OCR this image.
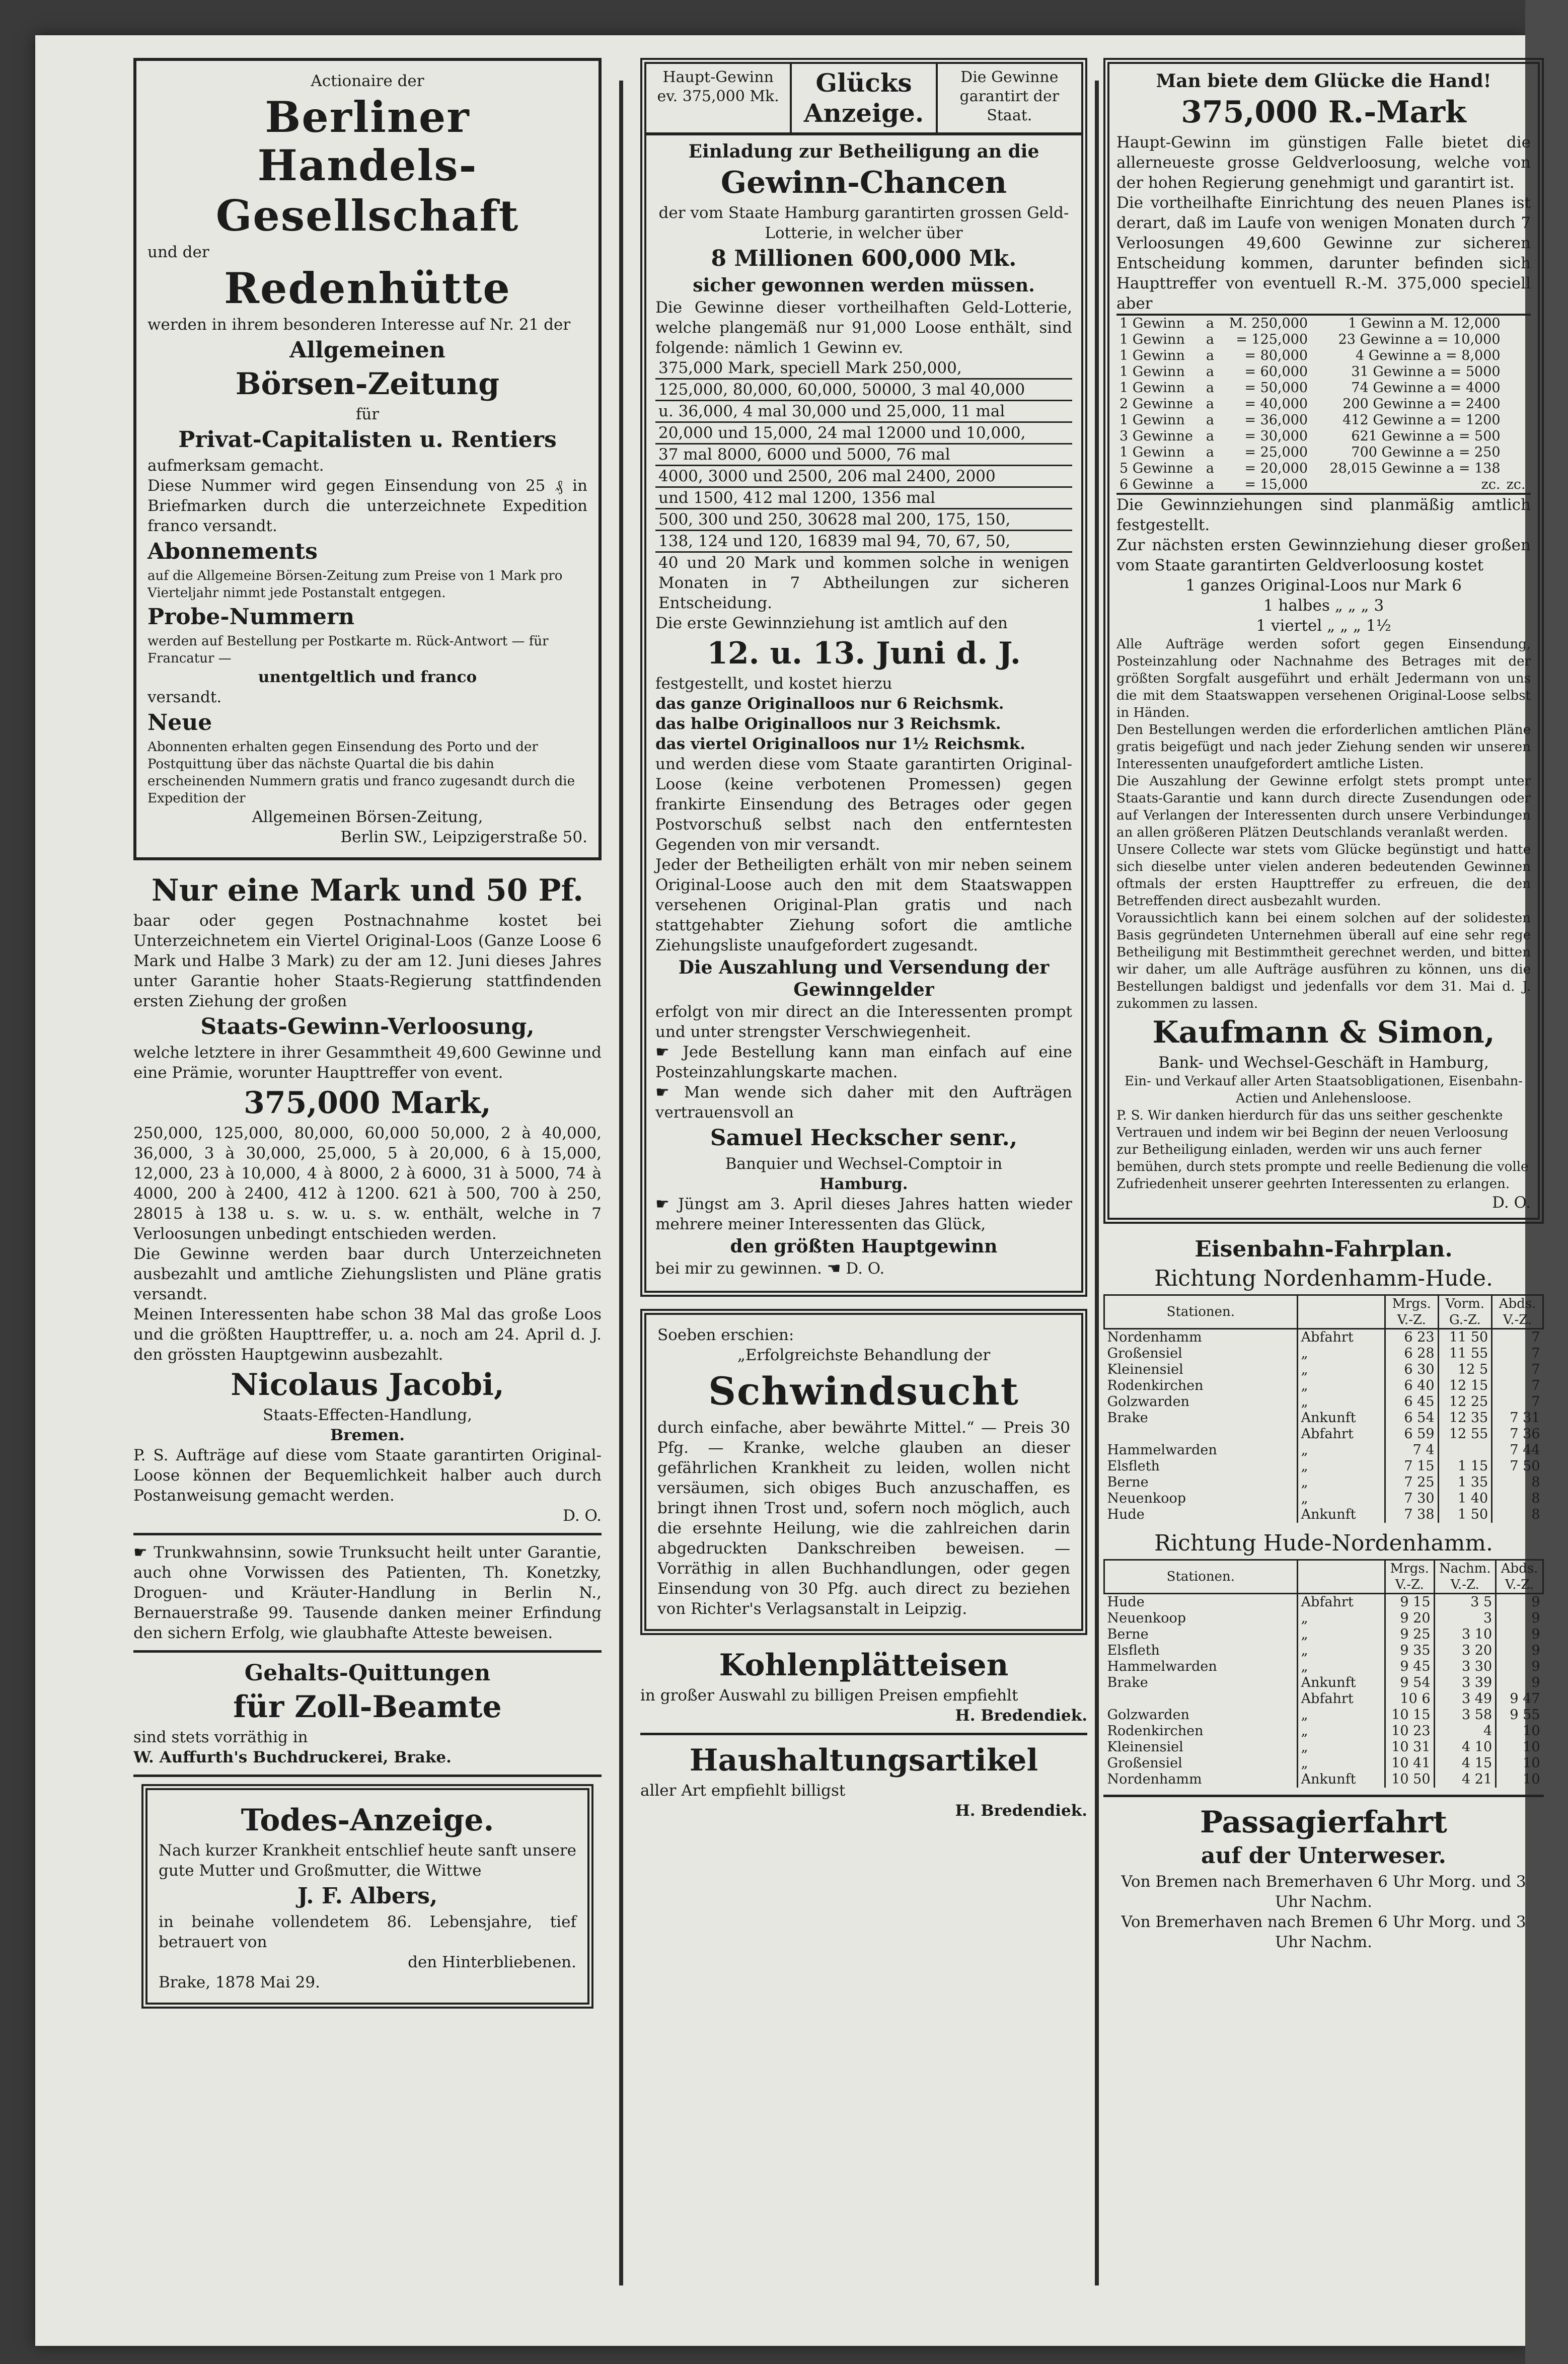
Actionaire der

Berliner Handels-
Gesellschaft

und der

Redenhütte

werden in ihrem besonderen Interesse auf Nr. 21 der

Allgemeinen
Börsen-Zeitung

für

Privat-Capitalisten u. Rentiers

aufmerksam gemacht.

Diese Nummer wird gegen Einsendung von 25 ₰ in Briefmarken durch die unterzeichnete Expedition franco versandt.

Abonnements

auf die Allgemeine Börsen-Zeitung zum Preise von 1 Mark pro Vierteljahr nimmt jede Postanstalt entgegen.

Probe-Nummern

werden auf Bestellung per Postkarte m. Rück-Antwort — für Francatur —

unentgeltlich und franco

versandt.

Neue

Abonnenten erhalten gegen Einsendung des Porto und der Postquittung über das nächste Quartal die bis dahin erscheinenden Nummern gratis und franco zugesandt durch die Expedition der

Allgemeinen Börsen-Zeitung,

Berlin SW., Leipzigerstraße 50.

Nur eine Mark und 50 Pf.

baar oder gegen Postnachnahme kostet bei Unterzeichnetem ein Viertel Original-Loos (Ganze Loose 6 Mark und Halbe 3 Mark) zu der am 12. Juni dieses Jahres unter Garantie hoher Staats-Regierung stattfindenden ersten Ziehung der großen

Staats-Gewinn-Verloosung,

welche letztere in ihrer Gesammtheit 49,600 Gewinne und eine Prämie, worunter Haupttreffer von event.

375,000 Mark,

250,000, 125,000, 80,000, 60,000 50,000, 2 à 40,000, 36,000, 3 à 30,000, 25,000, 5 à 20,000, 6 à 15,000, 12,000, 23 à 10,000, 4 à 8000, 2 à 6000, 31 à 5000, 74 à 4000, 200 à 2400, 412 à 1200. 621 à 500, 700 à 250, 28015 à 138 u. s. w. u. s. w. enthält, welche in 7 Verloosungen unbedingt entschieden werden.

Die Gewinne werden baar durch Unterzeichneten ausbezahlt und amtliche Ziehungslisten und Pläne gratis versandt.

Meinen Interessenten habe schon 38 Mal das große Loos und die größten Haupttreffer, u. a. noch am 24. April d. J. den grössten Hauptgewinn ausbezahlt.

Nicolaus Jacobi,

Staats-Effecten-Handlung,

Bremen.

P. S. Aufträge auf diese vom Staate garantirten Original-Loose können der Bequemlichkeit halber auch durch Postanweisung gemacht werden.

D. O.

☛ Trunkwahnsinn, sowie Trunksucht heilt unter Garantie, auch ohne Vorwissen des Patienten, Th. Konetzky, Droguen- und Kräuter-Handlung in Berlin N., Bernauerstraße 99. Tausende danken meiner Erfindung den sichern Erfolg, wie glaubhafte Atteste beweisen.

Gehalts-Quittungen
für Zoll-Beamte

sind stets vorräthig in

W. Auffurth's Buchdruckerei, Brake.

Todes-Anzeige.

Nach kurzer Krankheit entschlief heute sanft unsere gute Mutter und Großmutter, die Wittwe

J. F. Albers,

in beinahe vollendetem 86. Lebensjahre, tief betrauert von

den Hinterbliebenen.

Brake, 1878 Mai 29.

Haupt-Gewinn ev. 375,000 Mk.	Glücks Anzeige.
Die Gewinne garantirt der Staat.
Einladung zur Betheiligung an die
Gewinn-Chancen

der vom Staate Hamburg garantirten grossen Geld-Lotterie, in welcher über

8 Millionen 600,000 Mk.
sicher gewonnen werden müssen.

Die Gewinne dieser vortheilhaften Geld-Lotterie, welche plangemäß nur 91,000 Loose enthält, sind folgende: nämlich 1 Gewinn ev.

375,000 Mark, speciell Mark 250,000,
125,000, 80,000, 60,000, 50000, 3 mal 40,000
u. 36,000, 4 mal 30,000 und 25,000, 11 mal
20,000 und 15,000, 24 mal 12000 und 10,000,
37 mal 8000, 6000 und 5000, 76 mal
4000, 3000 und 2500, 206 mal 2400, 2000
und 1500, 412 mal 1200, 1356 mal
500, 300 und 250, 30628 mal 200, 175, 150,
138, 124 und 120, 16839 mal 94, 70, 67, 50,
40 und 20 Mark und kommen solche in wenigen Monaten in 7 Abtheilungen zur sicheren Entscheidung.

Die erste Gewinnziehung ist amtlich auf den

12. u. 13. Juni d. J.

festgestellt, und kostet hierzu

das ganze Originalloos nur 6 Reichsmk.

das halbe Originalloos nur 3 Reichsmk.

das viertel Originalloos nur 1½ Reichsmk.

und werden diese vom Staate garantirten Original-Loose (keine verbotenen Promessen) gegen frankirte Einsendung des Betrages oder gegen Postvorschuß selbst nach den entferntesten Gegenden von mir versandt.

Jeder der Betheiligten erhält von mir neben seinem Original-Loose auch den mit dem Staatswappen versehenen Original-Plan gratis und nach stattgehabter Ziehung sofort die amtliche Ziehungsliste unaufgefordert zugesandt.

Die Auszahlung und Versendung der Gewinngelder

erfolgt von mir direct an die Interessenten prompt und unter strengster Verschwiegenheit.

☛ Jede Bestellung kann man einfach auf eine Posteinzahlungskarte machen.

☛ Man wende sich daher mit den Aufträgen vertrauensvoll an

Samuel Heckscher senr.,

Banquier und Wechsel-Comptoir in

Hamburg.

☛ Jüngst am 3. April dieses Jahres hatten wieder mehrere meiner Interessenten das Glück,

den größten Hauptgewinn

bei mir zu gewinnen. ☚ D. O.

Soeben erschien:

„Erfolgreichste Behandlung der

Schwindsucht

durch einfache, aber bewährte Mittel.“ — Preis 30 Pfg. — Kranke, welche glauben an dieser gefährlichen Krankheit zu leiden, wollen nicht versäumen, sich obiges Buch anzuschaffen, es bringt ihnen Trost und, sofern noch möglich, auch die ersehnte Heilung, wie die zahlreichen darin abgedruckten Dankschreiben beweisen. — Vorräthig in allen Buchhandlungen, oder gegen Einsendung von 30 Pfg. auch direct zu beziehen von Richter's Verlagsanstalt in Leipzig.

Kohlenplätteisen

in großer Auswahl zu billigen Preisen empfiehlt

H. Bredendiek.

Haushaltungsartikel

aller Art empfiehlt billigst

H. Bredendiek.

Man biete dem Glücke die Hand!
375,000 R.-Mark

Haupt-Gewinn im günstigen Falle bietet die allerneueste grosse Geldverloosung, welche von der hohen Regierung genehmigt und garantirt ist.

Die vortheilhafte Einrichtung des neuen Planes ist derart, daß im Laufe von wenigen Monaten durch 7 Verloosungen 49,600 Gewinne zur sicheren Entscheidung kommen, darunter befinden sich Haupttreffer von eventuell R.-M. 375,000 speciell aber

1 Gewinn	a	M. 250,000	1 Gewinn a M. 12,000	
1 Gewinn	a	= 125,000	23 Gewinne a = 10,000	
1 Gewinn	a	= 80,000	4 Gewinne a = 8,000	
1 Gewinn	a	= 60,000	31 Gewinne a = 5000	
1 Gewinn	a	= 50,000	74 Gewinne a = 4000	
2 Gewinne	a	= 40,000	200 Gewinne a = 2400	
1 Gewinn	a	= 36,000	412 Gewinne a = 1200	
3 Gewinne	a	= 30,000	621 Gewinne a = 500	
1 Gewinn	a	= 25,000	700 Gewinne a = 250	
5 Gewinne	a	= 20,000	28,015 Gewinne a = 138	
6 Gewinne	a	= 15,000	zc.	zc.

Die Gewinnziehungen sind planmäßig amtlich festgestellt.

Zur nächsten ersten Gewinnziehung dieser großen vom Staate garantirten Geldverloosung kostet

1 ganzes Original-Loos nur Mark 6

1 halbes „ „ „ 3

1 viertel „ „ „ 1½

Alle Aufträge werden sofort gegen Einsendung, Posteinzahlung oder Nachnahme des Betrages mit der größten Sorgfalt ausgeführt und erhält Jedermann von uns die mit dem Staatswappen versehenen Original-Loose selbst in Händen.

Den Bestellungen werden die erforderlichen amtlichen Pläne gratis beigefügt und nach jeder Ziehung senden wir unseren Interessenten unaufgefordert amtliche Listen.

Die Auszahlung der Gewinne erfolgt stets prompt unter Staats-Garantie und kann durch directe Zusendungen oder auf Verlangen der Interessenten durch unsere Verbindungen an allen größeren Plätzen Deutschlands veranlaßt werden.

Unsere Collecte war stets vom Glücke begünstigt und hatte sich dieselbe unter vielen anderen bedeutenden Gewinnen oftmals der ersten Haupttreffer zu erfreuen, die den Betreffenden direct ausbezahlt wurden.

Voraussichtlich kann bei einem solchen auf der solidesten Basis gegründeten Unternehmen überall auf eine sehr rege Betheiligung mit Bestimmtheit gerechnet werden, und bitten wir daher, um alle Aufträge ausführen zu können, uns die Bestellungen baldigst und jedenfalls vor dem 31. Mai d. J. zukommen zu lassen.

Kaufmann & Simon,

Bank- und Wechsel-Geschäft in Hamburg,

Ein- und Verkauf aller Arten Staatsobligationen, Eisenbahn-Actien und Anlehensloose.

P. S. Wir danken hierdurch für das uns seither geschenkte Vertrauen und indem wir bei Beginn der neuen Verloosung zur Betheiligung einladen, werden wir uns auch ferner bemühen, durch stets prompte und reelle Bedienung die volle Zufriedenheit unserer geehrten Interessenten zu erlangen.

D. O.

Eisenbahn-Fahrplan.
Richtung Nordenhamm-Hude.
Stationen.		Mrgs. V.-Z.	Vorm. G.-Z.	Abds. V.-Z.
Nordenhamm	Abfahrt	6 23	11 50	7
Großensiel	„	6 28	11 55	7
Kleinensiel	„	6 30	12 5	7
Rodenkirchen	„	6 40	12 15	7
Golzwarden	„	6 45	12 25	7
Brake	Ankunft	6 54	12 35	7 31
	Abfahrt	6 59	12 55	7 36
Hammelwarden	„	7 4		7 44
Elsfleth	„	7 15	1 15	7 50
Berne	„	7 25	1 35	8
Neuenkoop	„	7 30	1 40	8
Hude	Ankunft	7 38	1 50	8
Richtung Hude-Nordenhamm.
Stationen.		Mrgs. V.-Z.	Nachm. V.-Z.	Abds. V.-Z.
Hude	Abfahrt	9 15	3 5	9
Neuenkoop	„	9 20	3	9
Berne	„	9 25	3 10	9
Elsfleth	„	9 35	3 20	9
Hammelwarden	„	9 45	3 30	9
Brake	Ankunft	9 54	3 39	9
	Abfahrt	10 6	3 49	9 47
Golzwarden	„	10 15	3 58	9 55
Rodenkirchen	„	10 23	4	10
Kleinensiel	„	10 31	4 10	10
Großensiel	„	10 41	4 15	10
Nordenhamm	Ankunft	10 50	4 21	10
Passagierfahrt
auf der Unterweser.

Von Bremen nach Bremerhaven 6 Uhr Morg. und 3 Uhr Nachm.

Von Bremerhaven nach Bremen 6 Uhr Morg. und 3 Uhr Nachm.
